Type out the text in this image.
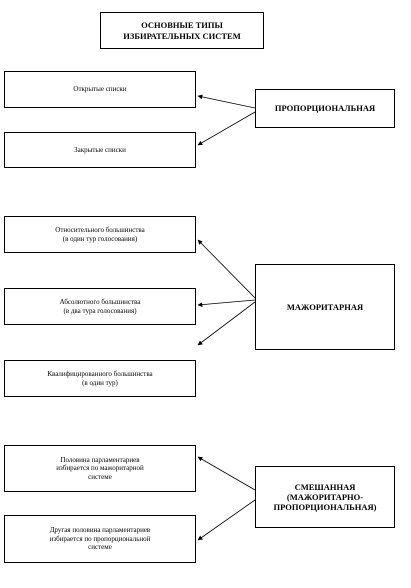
ОСНОВНЫЕ ТИПЫ
ИЗБИРАТЕЛЬНЫХ СИСТЕМ
Открытые списки
Закрытые списки
ПРОПОРЦИОНАЛЬНАЯ
Относительного большинства
(в один тур голосования)
Абсолютного большинства
(в два тура голосования)
Квалифицированного большинства
(в один тур)
МАЖОРИТАРНАЯ
Половина парламентариев
избирается по мажоритарной
системе
Другая половина парламентариев
избирается по пропорциональной
системе
СМЕШАННАЯ
(МАЖОРИТАРНО-
ПРОПОРЦИОНАЛЬНАЯ)
